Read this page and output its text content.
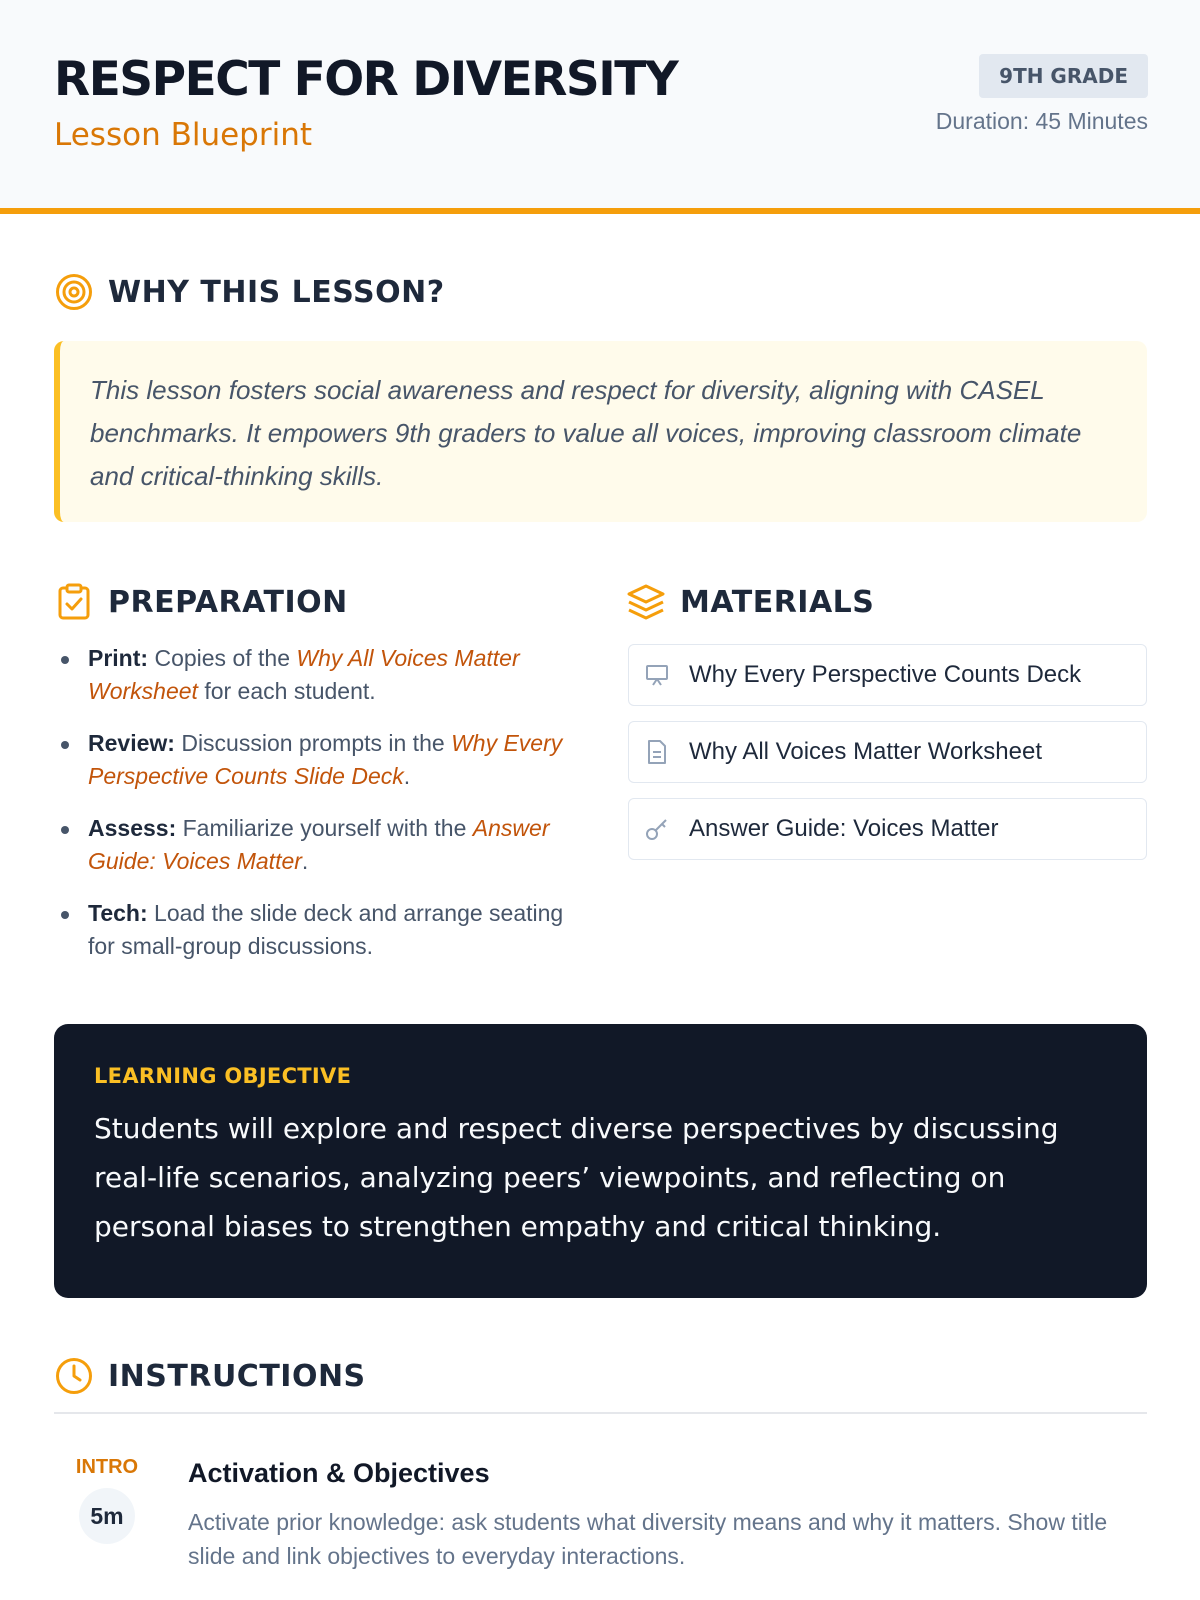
RESPECT FOR DIVERSITY
Lesson Blueprint
9TH GRADE
Duration: 45 Minutes
WHY THIS LESSON?

This lesson fosters social awareness and respect for diversity, aligning with CASEL benchmarks. It empowers 9th graders to value all voices, improving classroom climate and critical-thinking skills.

PREPARATION
Print: Copies of the Why All Voices Matter Worksheet for each student.
Review: Discussion prompts in the Why Every Perspective Counts Slide Deck.
Assess: Familiarize yourself with the Answer Guide: Voices Matter.
Tech: Load the slide deck and arrange seating for small-group discussions.
MATERIALS
Why Every Perspective Counts Deck
Why All Voices Matter Worksheet
Answer Guide: Voices Matter
LEARNING OBJECTIVE
Students will explore and respect diverse perspectives by discussing real-life scenarios, analyzing peers’ viewpoints, and reflecting on personal biases to strengthen empathy and critical thinking.
INSTRUCTIONS
INTRO
5m
Activation & Objectives
Activate prior knowledge: ask students what diversity means and why it matters. Show title slide and link objectives to everyday interactions.
